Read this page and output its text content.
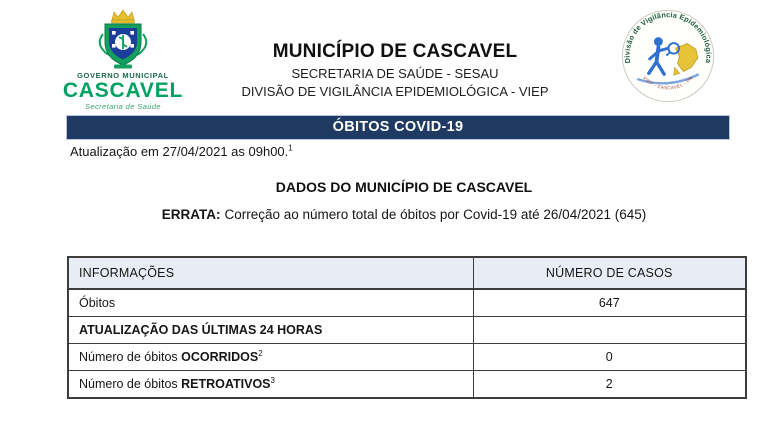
GOVERNO MUNICIPAL
CASCAVEL
Secretaria de Saúde
MUNICÍPIO DE CASCAVEL
SECRETARIA DE SAÚDE - SESAU
DIVISÃO DE VIGILÂNCIA EPIDEMIOLÓGICA - VIEP
Divisão de Vigilância Epidemiológica
VIEP - CASCAVEL - PR
ÓBITOS COVID-19
Atualização em 27/04/2021 as 09h00.$^1$
DADOS DO MUNICÍPIO DE CASCAVEL
ERRATA: Correção ao número total de óbitos por Covid-19 até 26/04/2021 (645)
INFORMAÇÕES	NÚMERO DE CASOS
Óbitos	647
ATUALIZAÇÃO DAS ÚLTIMAS 24 HORAS	
Número de óbitos OCORRIDOS$^2$	0
Número de óbitos RETROATIVOS$^3$	2
